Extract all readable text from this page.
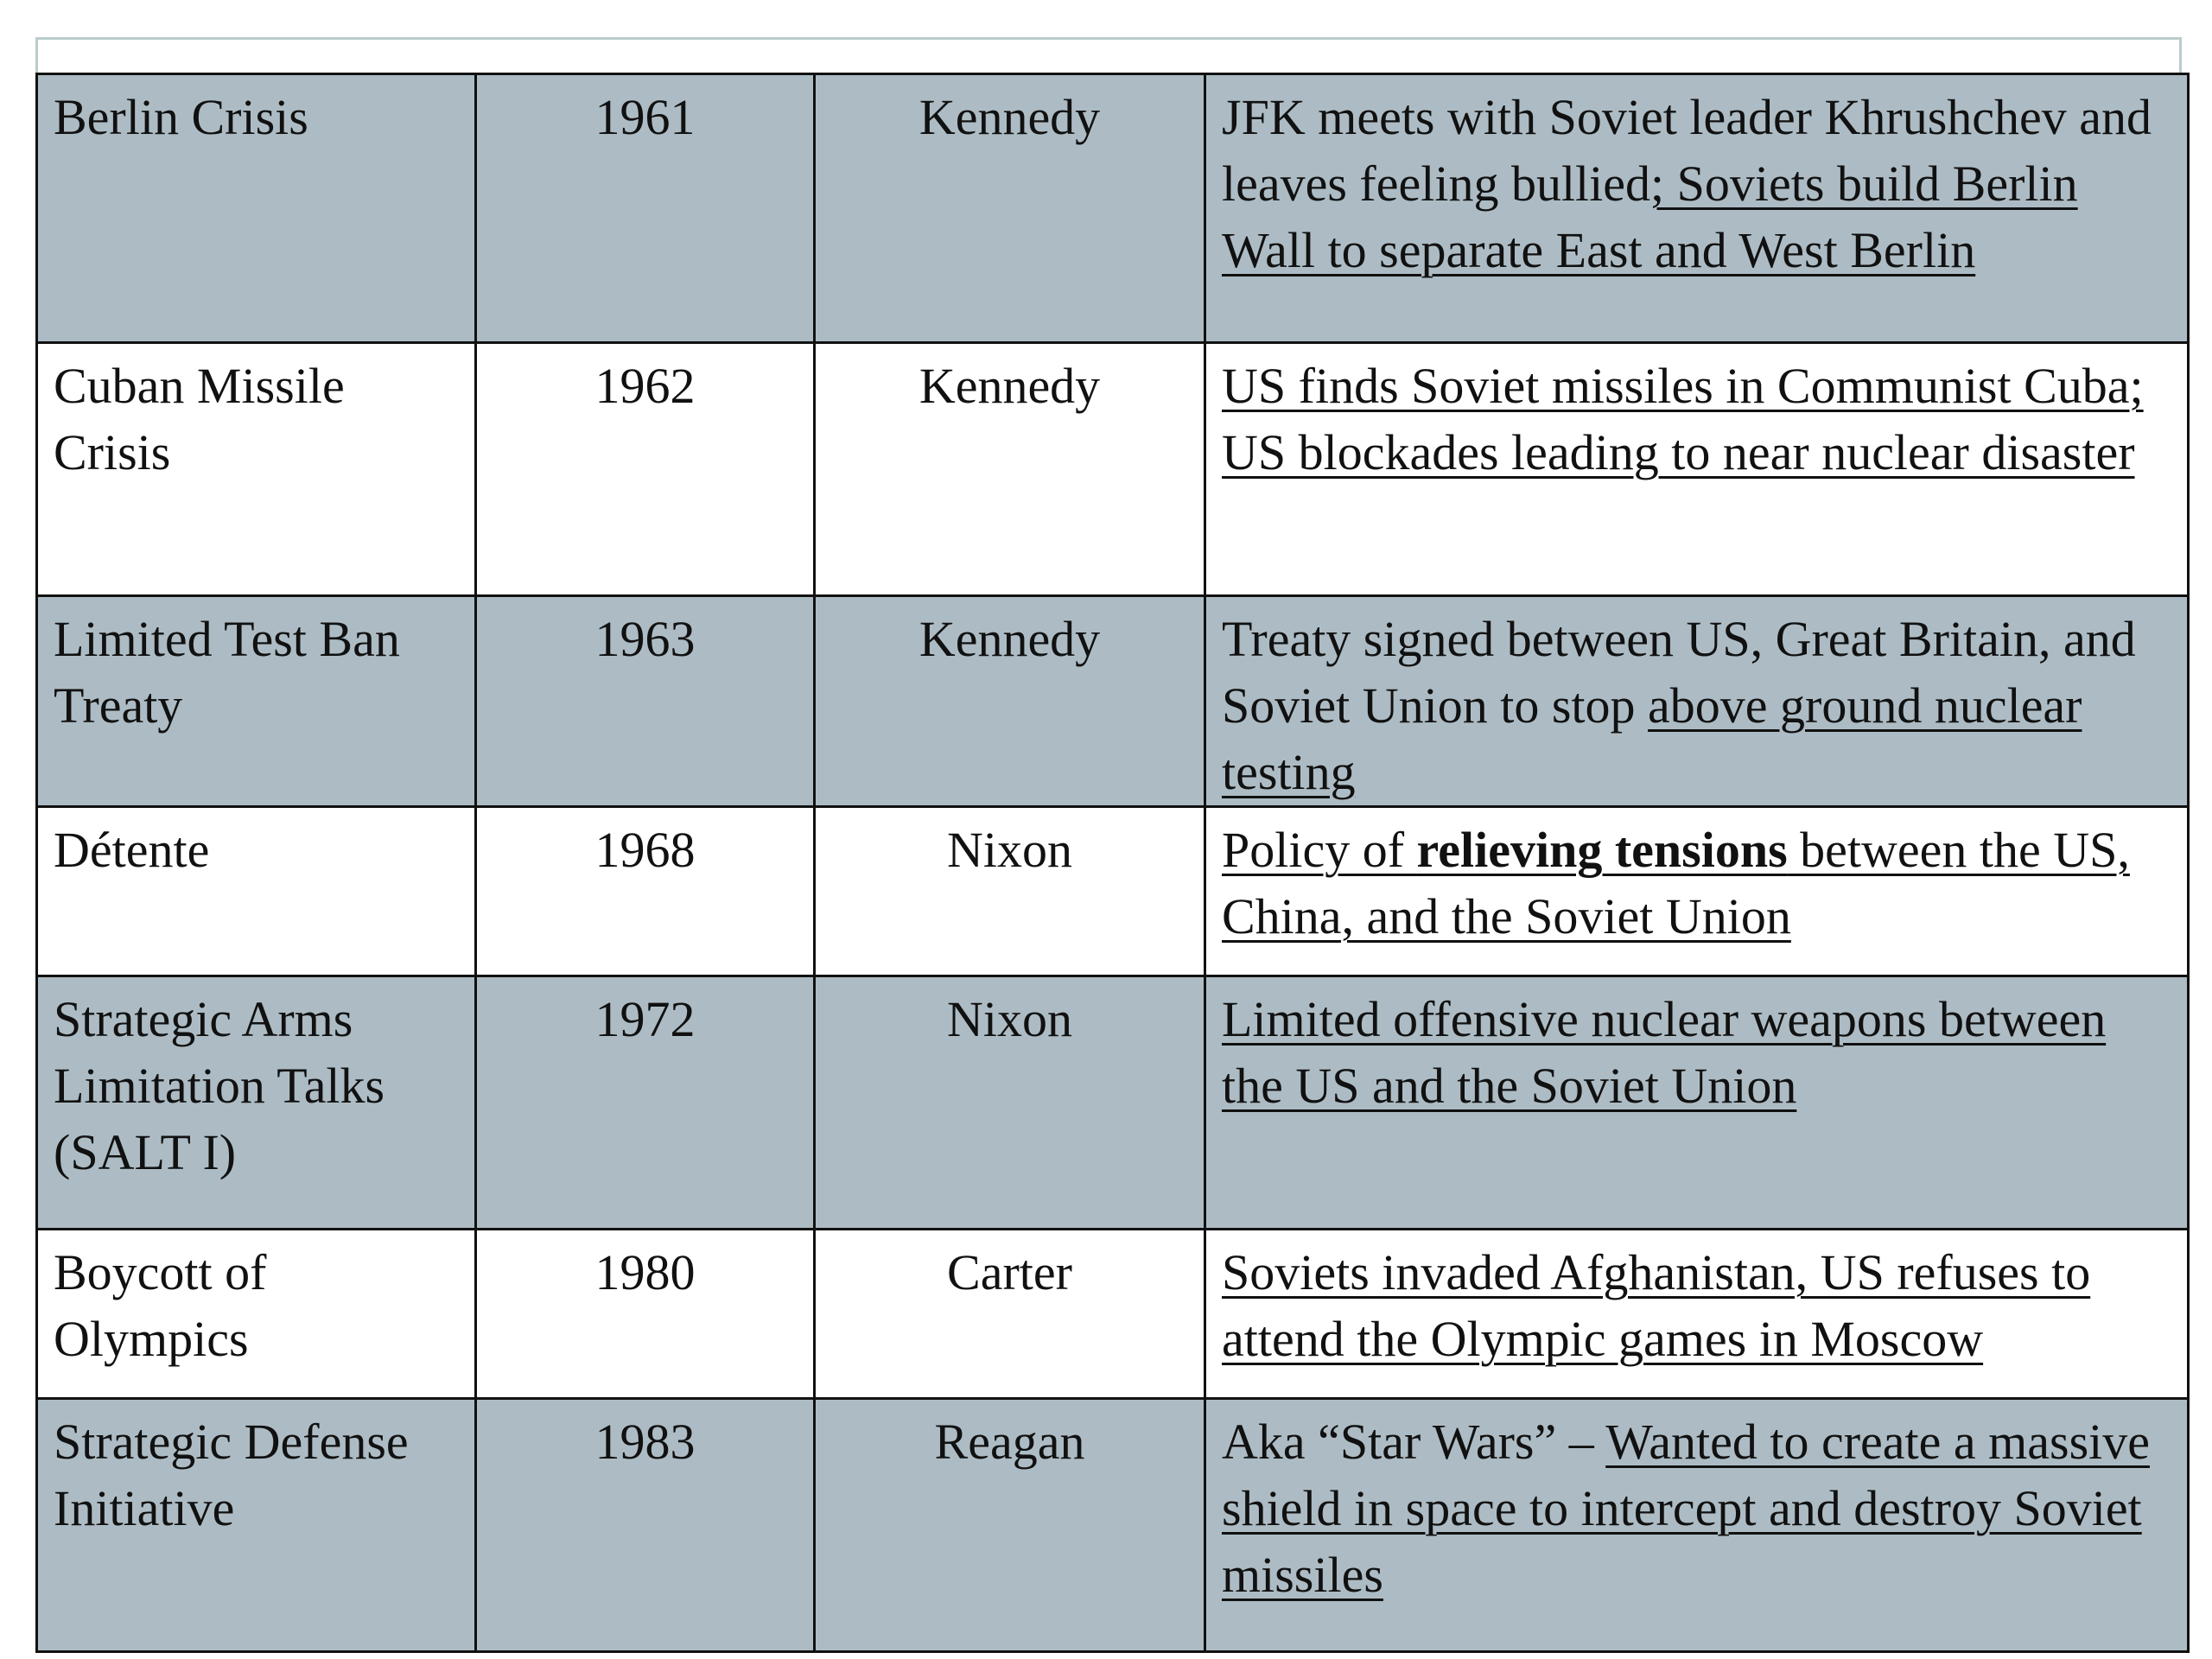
Berlin Crisis	1961	Kennedy	JFK meets with Soviet leader Khrushchev and leaves feeling bullied; Soviets build Berlin Wall to separate East and West Berlin
Cuban Missile Crisis	1962	Kennedy	US finds Soviet missiles in Communist Cuba; US blockades leading to near nuclear disaster
Limited Test Ban Treaty	1963	Kennedy	Treaty signed between US, Great Britain, and Soviet Union to stop above ground nuclear testing
Détente	1968	Nixon	Policy of relieving tensions between the US, China, and the Soviet Union
Strategic Arms Limitation Talks (SALT I)	1972	Nixon	Limited offensive nuclear weapons between the US and the Soviet Union
Boycott of Olympics	1980	Carter	Soviets invaded Afghanistan, US refuses to attend the Olympic games in Moscow
Strategic Defense Initiative	1983	Reagan	Aka “Star Wars” – Wanted to create a massive shield in space to intercept and destroy Soviet missiles
